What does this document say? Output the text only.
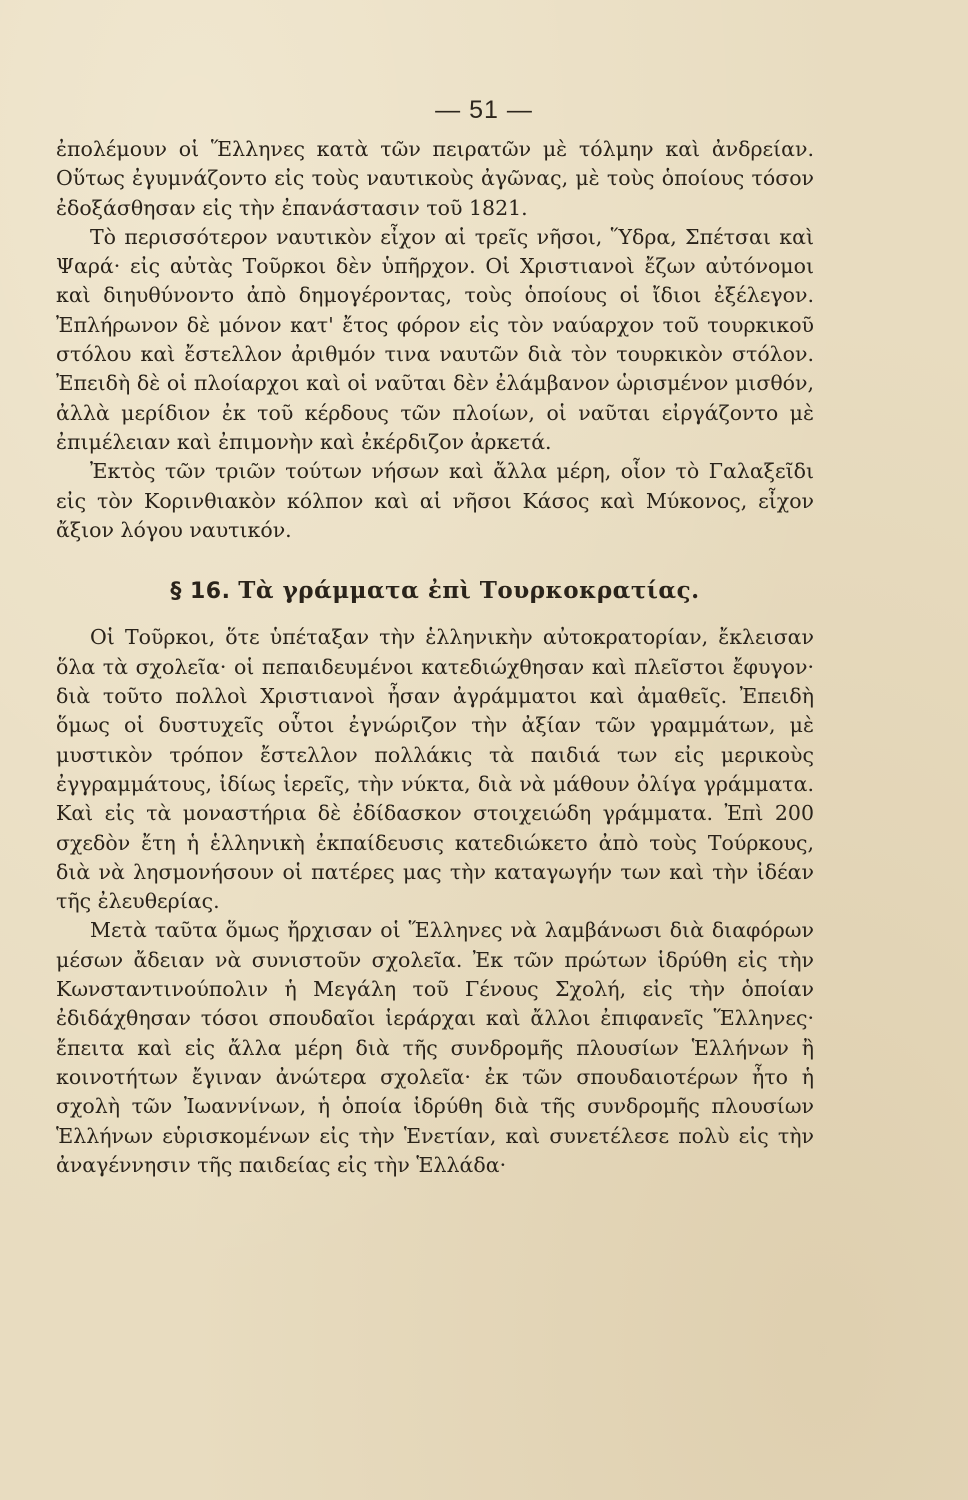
— 51 —

ἐπολέμουν οἱ Ἕλληνες κατὰ τῶν πειρατῶν μὲ τόλμην καὶ ἀνδρείαν. Οὕτως ἐγυμνάζοντο εἰς τοὺς ναυτικοὺς ἀγῶνας, μὲ τοὺς ὁποίους τόσον ἐδοξάσθησαν εἰς τὴν ἐπανάστασιν τοῦ 1821.

Τὸ περισσότερον ναυτικὸν εἶχον αἱ τρεῖς νῆσοι, Ὕδρα, Σπέτσαι καὶ Ψαρά· εἰς αὐτὰς Τοῦρκοι δὲν ὑπῆρχον. Οἱ Χριστιανοὶ ἔζων αὐτόνομοι καὶ διηυθύνοντο ἀπὸ δημογέροντας, τοὺς ὁποίους οἱ ἴδιοι ἐξέλεγον. Ἐπλήρωνον δὲ μόνον κατ' ἔτος φόρον εἰς τὸν ναύαρχον τοῦ τουρκικοῦ στόλου καὶ ἔστελλον ἀριθμόν τινα ναυτῶν διὰ τὸν τουρκικὸν στόλον. Ἐπειδὴ δὲ οἱ πλοίαρχοι καὶ οἱ ναῦται δὲν ἐλάμβανον ὡρισμένον μισθόν, ἀλλὰ μερίδιον ἐκ τοῦ κέρδους τῶν πλοίων, οἱ ναῦται εἰργάζοντο μὲ ἐπιμέλειαν καὶ ἐπιμονὴν καὶ ἐκέρδιζον ἀρκετά.

Ἐκτὸς τῶν τριῶν τούτων νήσων καὶ ἄλλα μέρη, οἷον τὸ Γαλαξεῖδι εἰς τὸν Κορινθιακὸν κόλπον καὶ αἱ νῆσοι Κάσος καὶ Μύκονος, εἶχον ἄξιον λόγου ναυτικόν.

§ 16. Τὰ γράμματα ἐπὶ Τουρκοκρατίας.

Οἱ Τοῦρκοι, ὅτε ὑπέταξαν τὴν ἑλληνικὴν αὐτοκρατορίαν, ἔκλεισαν ὅλα τὰ σχολεῖα· οἱ πεπαιδευμένοι κατεδιώχθησαν καὶ πλεῖστοι ἔφυγον· διὰ τοῦτο πολλοὶ Χριστιανοὶ ἦσαν ἀγράμματοι καὶ ἀμαθεῖς. Ἐπειδὴ ὅμως οἱ δυστυχεῖς οὗτοι ἐγνώριζον τὴν ἀξίαν τῶν γραμμάτων, μὲ μυστικὸν τρόπον ἔστελλον πολλάκις τὰ παιδιά των εἰς μερικοὺς ἐγγραμμάτους, ἰδίως ἱερεῖς, τὴν νύκτα, διὰ νὰ μάθουν ὀλίγα γράμματα. Καὶ εἰς τὰ μοναστήρια δὲ ἐδίδασκον στοιχειώδη γράμματα. Ἐπὶ 200 σχεδὸν ἔτη ἡ ἑλληνικὴ ἐκπαίδευσις κατεδιώκετο ἀπὸ τοὺς Τούρκους, διὰ νὰ λησμονήσουν οἱ πατέρες μας τὴν καταγωγήν των καὶ τὴν ἰδέαν τῆς ἐλευθερίας.

Μετὰ ταῦτα ὅμως ἤρχισαν οἱ Ἕλληνες νὰ λαμβάνωσι διὰ διαφόρων μέσων ἄδειαν νὰ συνιστοῦν σχολεῖα. Ἐκ τῶν πρώτων ἱδρύθη εἰς τὴν Κωνσταντινούπολιν ἡ Μεγάλη τοῦ Γένους Σχολή, εἰς τὴν ὁποίαν ἐδιδάχθησαν τόσοι σπουδαῖοι ἱεράρχαι καὶ ἄλλοι ἐπιφανεῖς Ἕλληνες· ἔπειτα καὶ εἰς ἄλλα μέρη διὰ τῆς συνδρομῆς πλουσίων Ἑλλήνων ἢ κοινοτήτων ἔγιναν ἀνώτερα σχολεῖα· ἐκ τῶν σπουδαιοτέρων ἦτο ἡ σχολὴ τῶν Ἰωαννίνων, ἡ ὁποία ἱδρύθη διὰ τῆς συνδρομῆς πλουσίων Ἑλλήνων εὑρισκομένων εἰς τὴν Ἑνετίαν, καὶ συνετέλεσε πολὺ εἰς τὴν ἀναγέννησιν τῆς παιδείας εἰς τὴν Ἑλλάδα·
